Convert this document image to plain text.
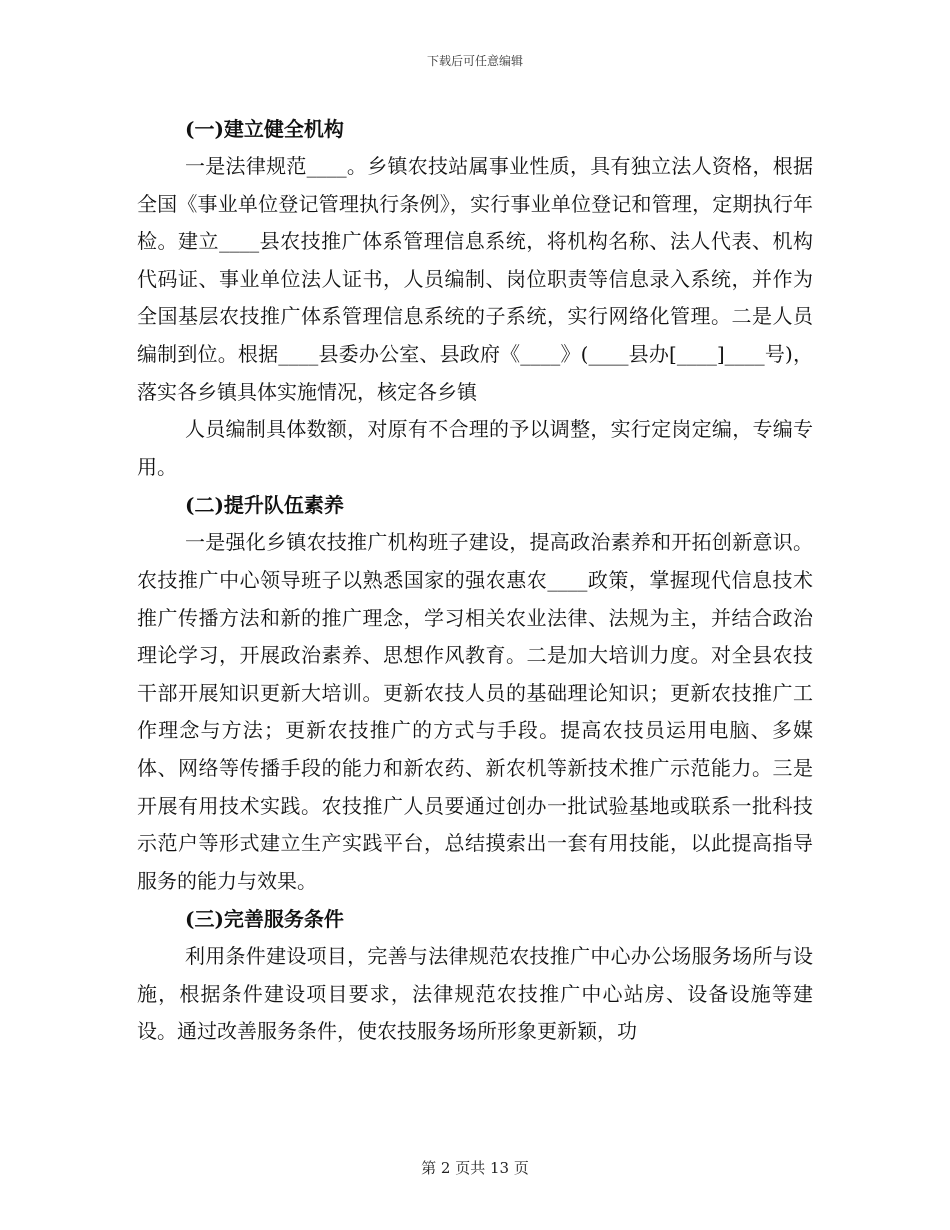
下载后可任意编辑
(一)建立健全机构

一是法律规范____。乡镇农技站属事业性质，具有独立法人资格，根据全国《事业单位登记管理执行条例》，实行事业单位登记和管理，定期执行年检。建立____县农技推广体系管理信息系统，将机构名称、法人代表、机构代码证、事业单位法人证书，人员编制、岗位职责等信息录入系统，并作为全国基层农技推广体系管理信息系统的子系统，实行网络化管理。二是人员编制到位。根据____县委办公室、县政府《____》(____县办[____]____号)，落实各乡镇具体实施情况，核定各乡镇

人员编制具体数额，对原有不合理的予以调整，实行定岗定编，专编专用。

(二)提升队伍素养

一是强化乡镇农技推广机构班子建设，提高政治素养和开拓创新意识。农技推广中心领导班子以熟悉国家的强农惠农____政策，掌握现代信息技术推广传播方法和新的推广理念，学习相关农业法律、法规为主，并结合政治理论学习，开展政治素养、思想作风教育。二是加大培训力度。对全县农技干部开展知识更新大培训。更新农技人员的基础理论知识；更新农技推广工作理念与方法；更新农技推广的方式与手段。提高农技员运用电脑、多媒体、网络等传播手段的能力和新农药、新农机等新技术推广示范能力。三是开展有用技术实践。农技推广人员要通过创办一批试验基地或联系一批科技示范户等形式建立生产实践平台，总结摸索出一套有用技能，以此提高指导服务的能力与效果。

(三)完善服务条件

利用条件建设项目，完善与法律规范农技推广中心办公场服务场所与设施，根据条件建设项目要求，法律规范农技推广中心站房、设备设施等建设。通过改善服务条件，使农技服务场所形象更新颖，功

第 2 页共 13 页
